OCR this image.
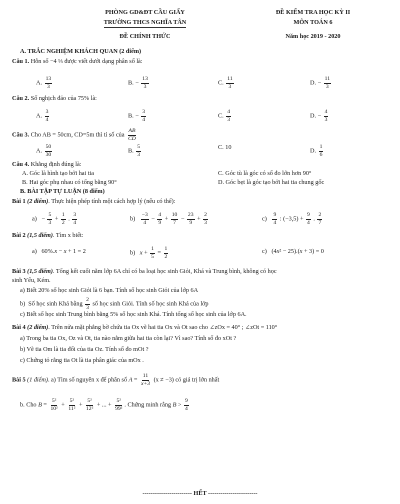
PHÒNG GD&ĐT CẦU GIẤY
TRƯỜNG THCS NGHĨA TÂN
ĐỀ CHÍNH THỨC
ĐỀ KIỂM TRA HỌC KỲ II
MÔN TOÁN 6
Năm học 2019 - 2020
A. TRẮC NGHIỆM KHÁCH QUAN (2 điểm)
Câu 1. Hỗn số −4 ⅓ được viết dưới dạng phân số là:
A. $\frac{13}{3}$	B. − $\frac{13}{3}$	C. $\frac{11}{3}$	D. − $\frac{11}{3}$
Câu 2. Số nghịch đảo của 75% là:
A. $\frac{3}{4}$	B. − $\frac{3}{4}$	C. $\frac{4}{3}$	D. − $\frac{4}{3}$
Câu 3. Cho AB = 50cm, CD=5m thì tỉ số của $\frac{AB}{CD}$
A. $\frac{50}{30}$	B. $\frac{5}{3}$	C. 10	D. $\frac{1}{6}$
Câu 4. Khẳng định đúng là:
A. Góc là hình tạo bởi hai tia	C. Góc tù là góc có số đo lớn hơn 90°
B. Hai góc phụ nhau có tổng bằng 90°	D. Góc bẹt là góc tạo bởi hai tia chung gốc
B. BÀI TẬP TỰ LUẬN (8 điểm)
Bài 1 (2 điểm). Thực hiện phép tính một cách hợp lý (nếu có thể):
$a) - \frac{5}{3} + \frac{1}{2}$ . $\frac{3}{4}$	$b) \frac{-3}{4} - \frac{4}{9} + \frac{10}{7} - \frac{23}{9} + \frac{2}{3}$	$c) \frac{9}{4}$ : $(-3,5) + \frac{9}{4}$ . $\frac{2}{7}$
Bài 2 (1,5 điểm). Tìm x biết:
a)   60%.x − x + 1 = 2	b)   $x + \frac{1}{5} = \frac{1}{2}$	c)   (4x² − 25).(x + 3) = 0
Bài 3 (1,5 điểm). Tổng kết cuối năm lớp 6A chỉ có ba loại học sinh Giỏi, Khá và Trung bình, không có học
sinh Yếu, Kém.
a) Biết 20% số học sinh Giỏi là 6 bạn. Tính số học sinh Giỏi của lớp 6A
b)  Số học sinh Khá bằng $\frac{2}{3}$ số học sinh Giỏi. Tính số học sinh Khá của lớp
c) Biết số học sinh Trung bình bằng 5% số học sinh Khá. Tính tổng số học sinh của lớp 6A.
Bài 4 (2 điểm). Trên nửa mặt phẳng bờ chứa tia Ox vẽ hai tia Ox và Ot sao cho ∠zOx = 40° ; ∠zOt = 110°
a) Trong ba tia Ox, Oz và Ot, tia nào nằm giữa hai tia còn lại? Vì sao? Tính số đo xOt ?
b) Vẽ tia Om là tia đối của tia Oz. Tính số đo mOt ?
c) Chứng tỏ rằng tia Ot là tia phân giác của mOx .
Bài 5 (1 điểm). a) Tìm số nguyên x để phân số $A = \frac{11}{x+3} (x \ne -3)$ có giá trị lớn nhất
b. Cho $B = \frac{\text{5²}}{\text{10²}} + \frac{\text{5²}}{\text{11²}} + \frac{\text{5²}}{\text{12²}}$ + ... + $\frac{\text{5²}}{\text{99²}}$ . Chứng minh rằng $B > \frac{9}{4}$
------------------------ HẾT ------------------------
